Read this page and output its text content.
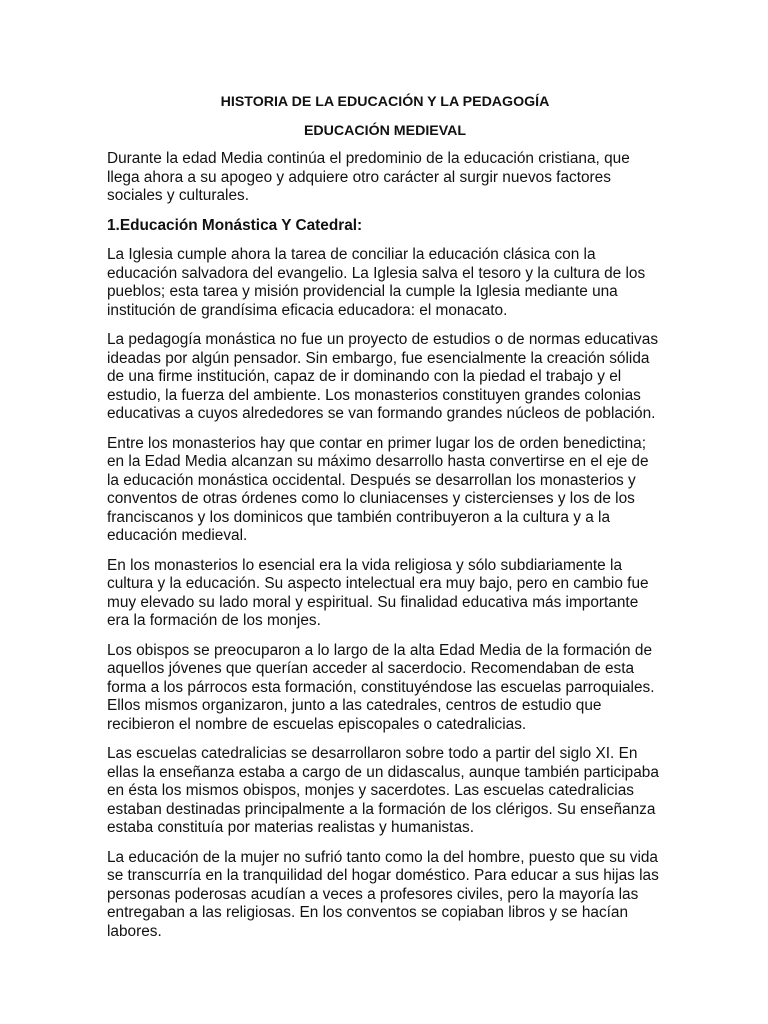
HISTORIA DE LA EDUCACIÓN Y LA PEDAGOGÍA
EDUCACIÓN MEDIEVAL

Durante la edad Media continúa el predominio de la educación cristiana, que llega ahora a su apogeo y adquiere otro carácter al surgir nuevos factores sociales y culturales.

1.Educación Monástica Y Catedral:

La Iglesia cumple ahora la tarea de conciliar la educación clásica con la educación salvadora del evangelio. La Iglesia salva el tesoro y la cultura de los pueblos; esta tarea y misión providencial la cumple la Iglesia mediante una institución de grandísima eficacia educadora: el monacato.

La pedagogía monástica no fue un proyecto de estudios o de normas educativas ideadas por algún pensador. Sin embargo, fue esencialmente la creación sólida de una firme institución, capaz de ir dominando con la piedad el trabajo y el estudio, la fuerza del ambiente. Los monasterios constituyen grandes colonias educativas a cuyos alrededores se van formando grandes núcleos de población.

Entre los monasterios hay que contar en primer lugar los de orden benedictina; en la Edad Media alcanzan su máximo desarrollo hasta convertirse en el eje de la educación monástica occidental. Después se desarrollan los monasterios y conventos de otras órdenes como lo cluniacenses y cistercienses y los de los franciscanos y los dominicos que también contribuyeron a la cultura y a la educación medieval.

En los monasterios lo esencial era la vida religiosa y sólo subdiariamente la cultura y la educación. Su aspecto intelectual era muy bajo, pero en cambio fue muy elevado su lado moral y espiritual. Su finalidad educativa más importante era la formación de los monjes.

Los obispos se preocuparon a lo largo de la alta Edad Media de la formación de aquellos jóvenes que querían acceder al sacerdocio. Recomendaban de esta forma a los párrocos esta formación, constituyéndose las escuelas parroquiales. Ellos mismos organizaron, junto a las catedrales, centros de estudio que recibieron el nombre de escuelas episcopales o catedralicias.

Las escuelas catedralicias se desarrollaron sobre todo a partir del siglo XI. En ellas la enseñanza estaba a cargo de un didascalus, aunque también participaba en ésta los mismos obispos, monjes y sacerdotes. Las escuelas catedralicias estaban destinadas principalmente a la formación de los clérigos. Su enseñanza estaba constituía por materias realistas y humanistas.

La educación de la mujer no sufrió tanto como la del hombre, puesto que su vida se transcurría en la tranquilidad del hogar doméstico. Para educar a sus hijas las personas poderosas acudían a veces a profesores civiles, pero la mayoría las entregaban a las religiosas. En los conventos se copiaban libros y se hacían labores.
